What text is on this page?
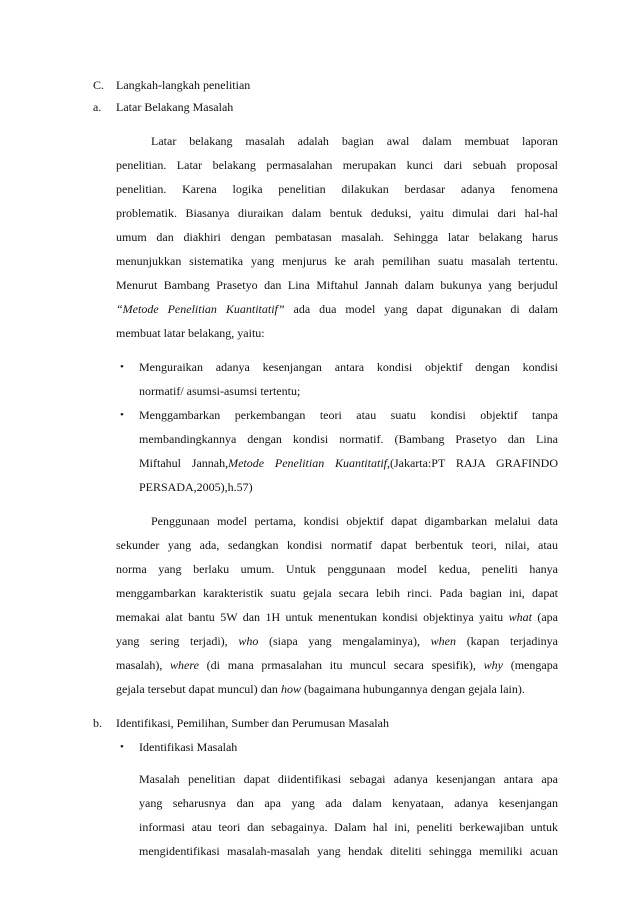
C. Langkah-langkah penelitian
a. Latar Belakang Masalah
Latar belakang masalah adalah bagian awal dalam membuat laporan
penelitian. Latar belakang permasalahan merupakan kunci dari sebuah proposal
penelitian. Karena logika penelitian dilakukan berdasar adanya fenomena
problematik. Biasanya diuraikan dalam bentuk deduksi, yaitu dimulai dari hal-hal
umum dan diakhiri dengan pembatasan masalah. Sehingga latar belakang harus
menunjukkan sistematika yang menjurus ke arah pemilihan suatu masalah tertentu.
Menurut Bambang Prasetyo dan Lina Miftahul Jannah dalam bukunya yang berjudul
“Metode Penelitian Kuantitatif” ada dua model yang dapat digunakan di dalam
membuat latar belakang, yaitu:
• Menguraikan adanya kesenjangan antara kondisi objektif dengan kondisi
normatif/ asumsi-asumsi tertentu;
• Menggambarkan perkembangan teori atau suatu kondisi objektif tanpa
membandingkannya dengan kondisi normatif. (Bambang Prasetyo dan Lina
Miftahul Jannah,Metode Penelitian Kuantitatif,(Jakarta:PT RAJA GRAFINDO
PERSADA,2005),h.57)
Penggunaan model pertama, kondisi objektif dapat digambarkan melalui data
sekunder yang ada, sedangkan kondisi normatif dapat berbentuk teori, nilai, atau
norma yang berlaku umum. Untuk penggunaan model kedua, peneliti hanya
menggambarkan karakteristik suatu gejala secara lebih rinci. Pada bagian ini, dapat
memakai alat bantu 5W dan 1H untuk menentukan kondisi objektinya yaitu what (apa
yang sering terjadi), who (siapa yang mengalaminya), when (kapan terjadinya
masalah), where (di mana prmasalahan itu muncul secara spesifik), why (mengapa
gejala tersebut dapat muncul) dan how (bagaimana hubungannya dengan gejala lain).
b. Identifikasi, Pemilihan, Sumber dan Perumusan Masalah
• Identifikasi Masalah
Masalah penelitian dapat diidentifikasi sebagai adanya kesenjangan antara apa
yang seharusnya dan apa yang ada dalam kenyataan, adanya kesenjangan
informasi atau teori dan sebagainya. Dalam hal ini, peneliti berkewajiban untuk
mengidentifikasi masalah-masalah yang hendak diteliti sehingga memiliki acuan
